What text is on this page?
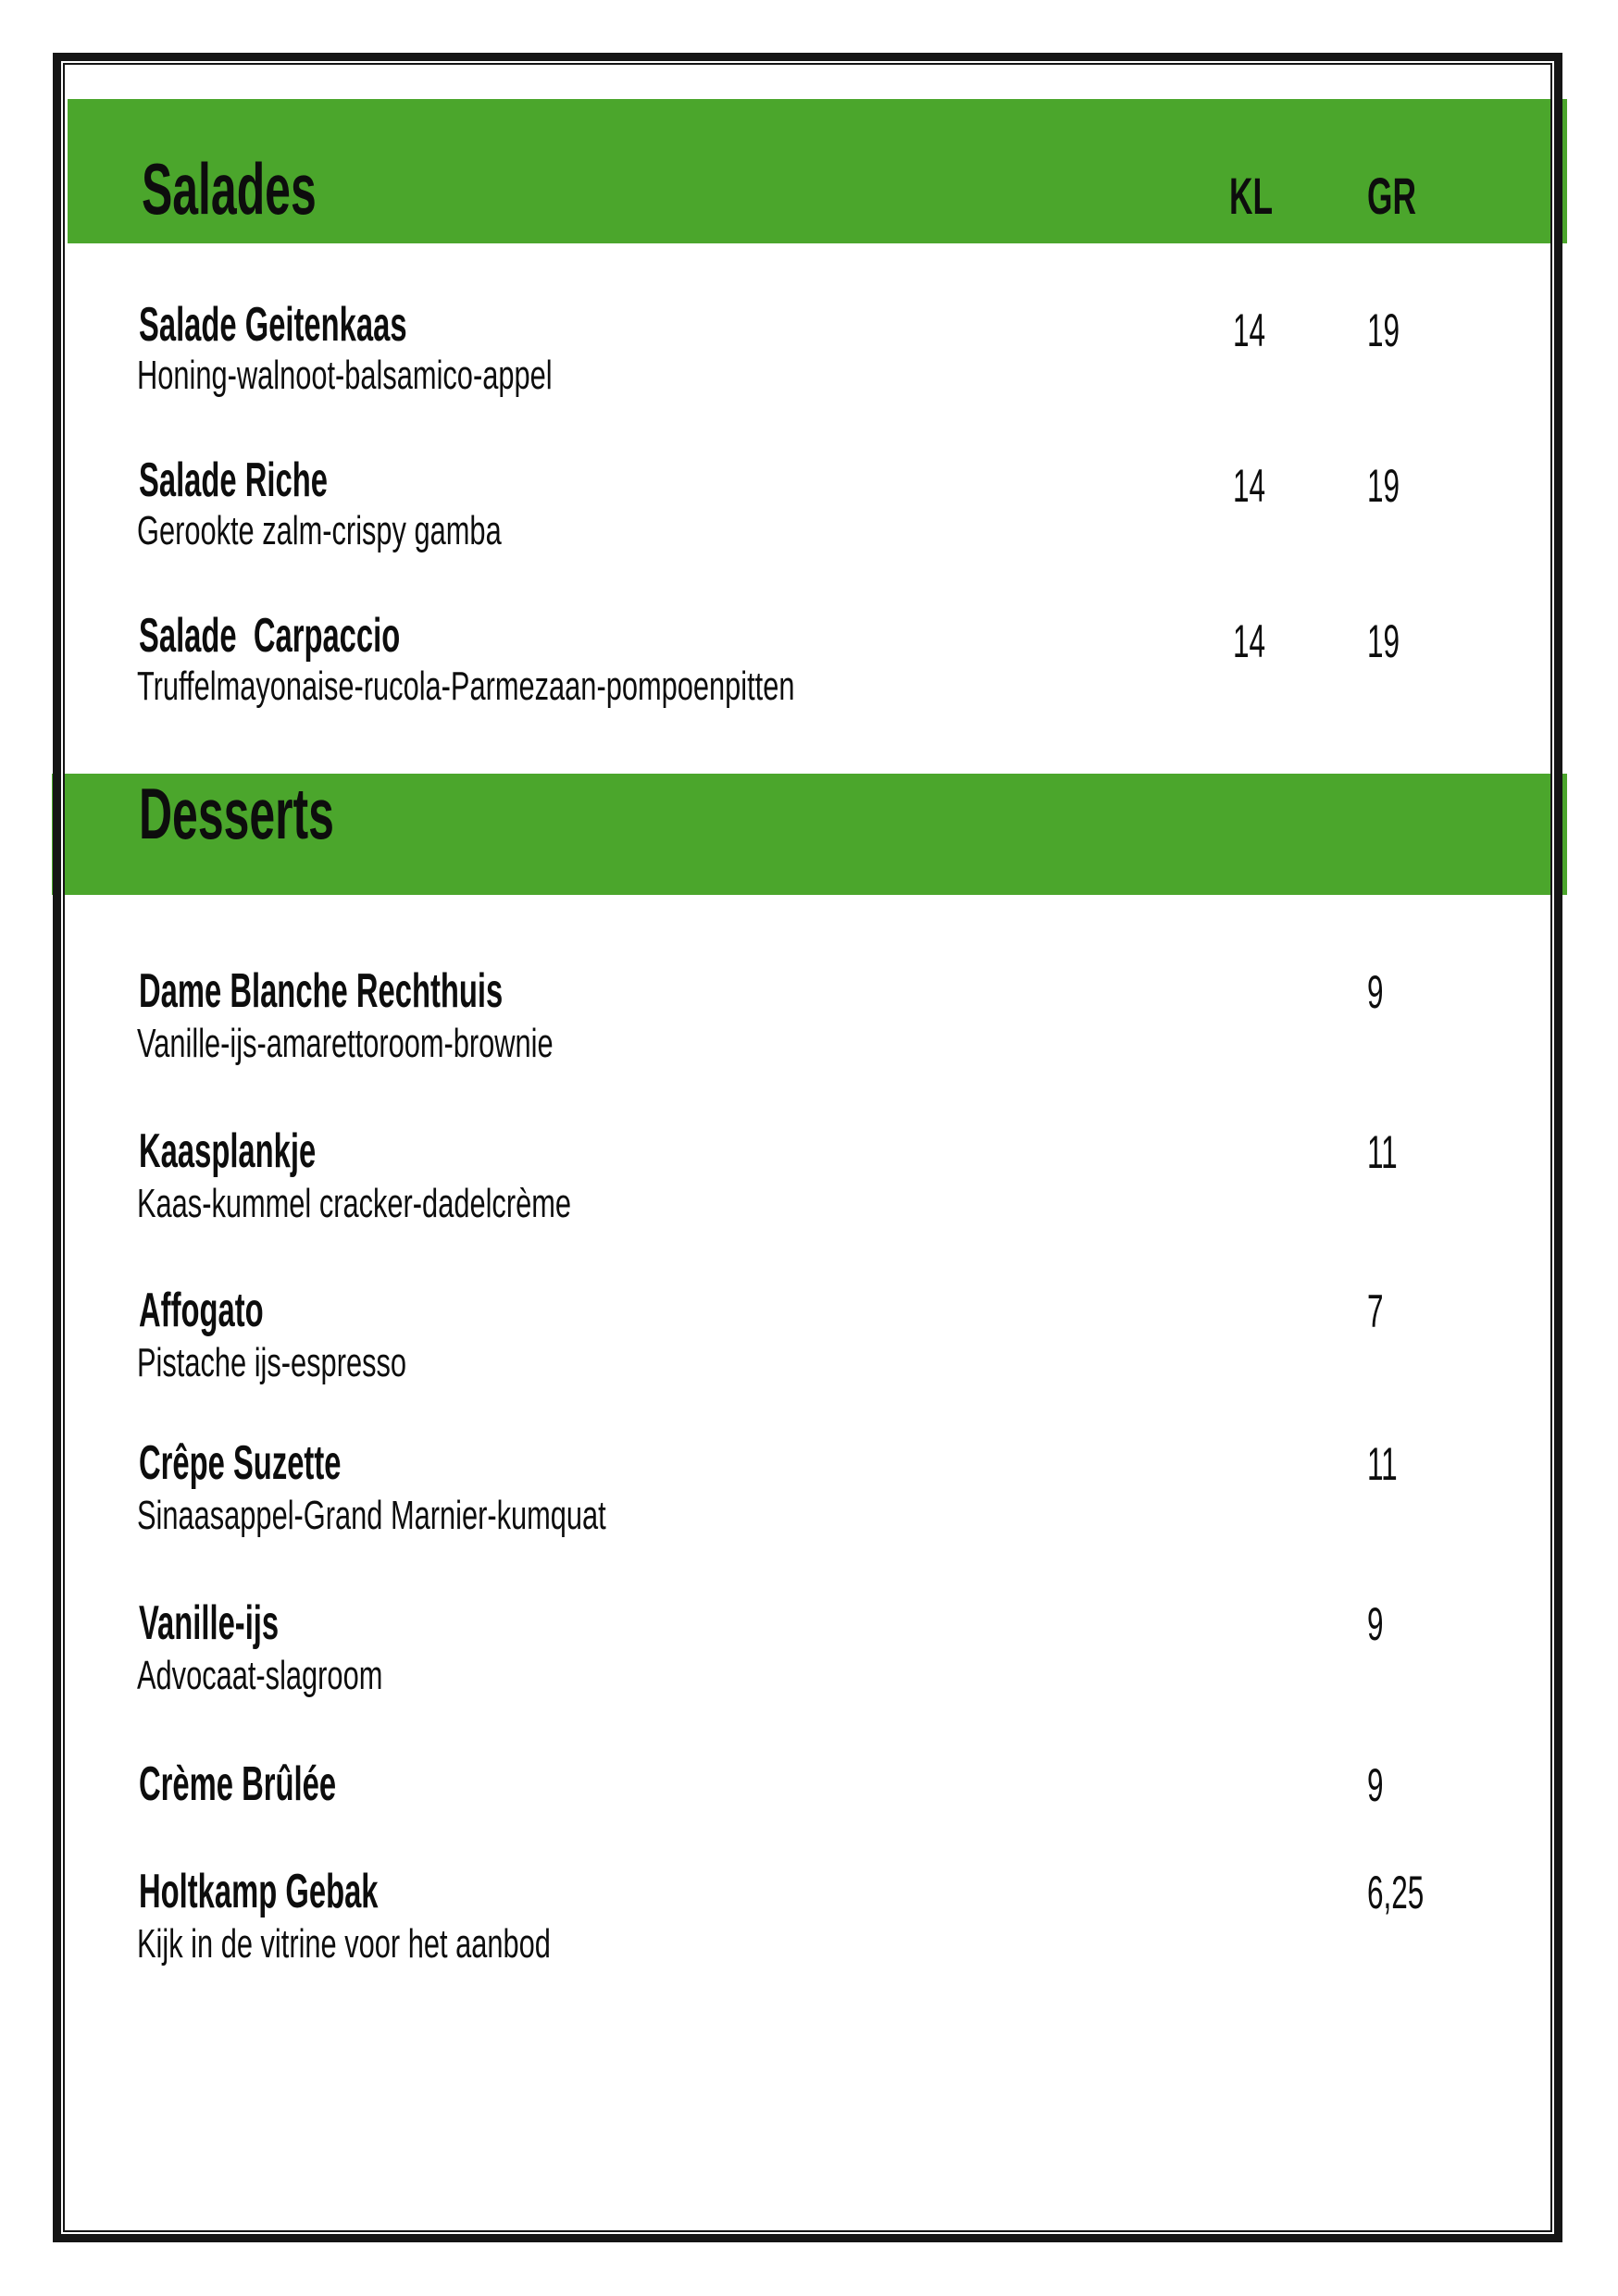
Salades	KL GR
Salade Geitenkaas
Honing-walnoot-balsamico-appel
14 19
Salade Riche
Gerookte zalm-crispy gamba
14 19
Salade  Carpaccio
Truffelmayonaise-rucola-Parmezaan-pompoenpitten
14 19
Desserts
Dame Blanche Rechthuis
Vanille-ijs-amarettoroom-brownie
9
Kaasplankje
Kaas-kummel cracker-dadelcrème
11
Affogato
Pistache ijs-espresso
7
Crêpe Suzette
Sinaasappel-Grand Marnier-kumquat
11
Vanille-ijs
Advocaat-slagroom
9
Crème Brûlée	9
Holtkamp Gebak
Kijk in de vitrine voor het aanbod
6,25
